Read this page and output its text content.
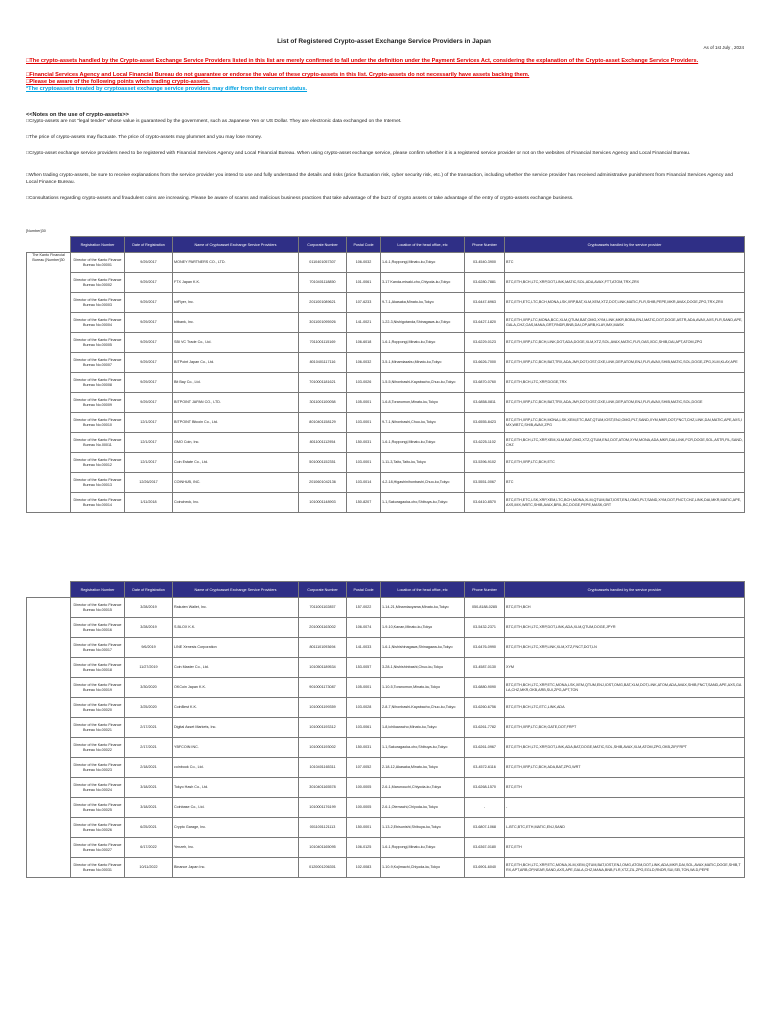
List of Registered Crypto-asset Exchange Service Providers in Japan
As of 1st July , 2024
□The crypto-assets handled by the Crypto-asset Exchange Service Providers listed in this list are merely confirmed to fall under the definition under the Payment Services Act, considering the explanation of the Crypto-asset Exchange Service Providers.
□Financial Services Agency and Local Financial Bureau do not guarantee or endorse the value of these crypto-assets in this list. Crypto-assets do not necessarily have assets backing them.
□Please be aware of the following points when trading crypto-assets.
*The cryptoassets treated by cryptoasset exchange service providers may differ from their current status.
<<Notes on the use of crypto-assets>>
□Crypto-assets are not "legal tender" whose value is guaranteed by the government, such as Japanese Yen or US Dollar. They are electronic data exchanged on the Internet.
□The price of crypto-assets may fluctuate. The price of crypto-assets may plummet and you may lose money.
□Crypto-asset exchange service providers need to be registered with Financial Services Agency and Local Financial Bureau. When using crypto-asset exchange service, please confirm whether it is a registered service provider or not on the websites of Financial Services Agency and Local Financial Bureau.
□When trading crypto-assets, be sure to receive explanations from the service provider you intend to use and fully understand the details and risks (price fluctuation risk, cyber security risk, etc.) of the transaction, including whether the service provider has received administrative punishment from Financial Services Agency and Local Finance Bureau.
□Consultations regarding crypto-assets and fraudulent coins are increasing. Please be aware of scams and malicious business practices that take advantage of the buzz of crypto assets or take advantage of the entry of crypto-assets exchange business.
[Number]30
	Registration Number	Date of Registration	Name of Cryptoasset Exchange Service Providers	Corporate Number	Postal Code	Location of the head office, etc	Phone Number	Cryptoassets handled by the service provider
The Kanto Financial Bureau [Number]30	Director of the Kanto Finance Bureau No.00001	9/29/2017	MONEY PARTNERS CO., LTD.	0110401057307	106-0032	1-6-1,Roppongi,Minato-ku,Tokyo	03-4540-3900	BTC
	Director of the Kanto Finance Bureau No.00002	9/29/2017	FTX Japan K.K.	7010401118850	101-0061	3-17 Kanda-misaki-cho,Chiyoda-ku,Tokyo	03-6280-7881	BTC,ETH,BCH,LTC,XRP,DOT,LINK,MATIC,SOL,ADA,AVAX,FTT,ATOM,TRX,ZRX
	Director of the Kanto Finance Bureau No.00003	9/29/2017	bitFlyer, Inc.	2011001089621	107-6233	9-7-1,Akasaka,Minato-ku,Tokyo	03-6447-6963	BTC,ETH,ETC,LTC,BCH,MONA,LSK,XRP,BAT,XLM,XEM,XTZ,DOT,LINK,MATIC,FLR,SHIB,PEPE,MKR,AVAX,DOGE,ZPG,TRX,ZRX
	Director of the Kanto Finance Bureau No.00004	9/29/2017	bitbank, Inc.	3011001095926	141-0021	1-22-3,Nishigotanda,Shinagawa-ku,Tokyo	03-6427-1820	BTC,ETH,XRP,LTC,MONA,BCC,XLM,QTUM,BAT,OMG,XYM,LINK,MKR,BOBA,ENJ,MATIC,DOT,DOGE,ASTR,ADA,AVAX,AXS,FLR,SAND,APE,GALA,CHZ,OAS,MANA,GRT,RNDR,BNB,DAI,OP,ARB,KLAY,IMX,MASK
	Director of the Kanto Finance Bureau No.00005	9/29/2017	SBI VC Trade Co., Ltd.	7011001115169	106-6018	1-6-1,Roppongi,Minato-ku,Tokyo	03-6229-0123	BTC,ETH,XRP,LTC,BCH,LINK,DOT,ADA,DOGE,XLM,XTZ,SOL,AVAX,MATIC,FLR,OAS,XDC,SHIB,DAI,APT,ATOM,ZPG
	Director of the Kanto Finance Bureau No.00007	9/29/2017	BITPoint Japan Co., Ltd.	8010401117116	106-0032	3-5-1,Minamiazabu,Minato-ku,Tokyo	03-6626-7000	BTC,ETH,XRP,LTC,BCH,BAT,TRX,ADA,JMY,DOT,IOST,GXE,LINK,DEP,ATOM,ENJ,FLR,AVAX,SHIB,MATIC,SOL,DOGE,ZPG,XLM,KLAY,APE
	Director of the Kanto Finance Bureau No.00008	9/29/2017	Bit Bay Co., Ltd.	7010001181621	103-0026	1-5-5,Nihonbashi-Kayabacho,Chuo-ku,Tokyo	03-6870-0760	BTC,ETH,BCH,LTC,XRP,DOGE,TRX
	Director of the Kanto Finance Bureau No.00009	9/29/2017	BITPOINT JAPAN CO., LTD.	3011001100058	105-0001	1-6-8,Toranomon,Minato-ku,Tokyo	03-6858-0811	BTC,ETH,XRP,LTC,BCH,BAT,TRX,ADA,JMY,DOT,IOST,GXE,LINK,DEP,ATOM,ENJ,FLR,AVAX,SHIB,MATIC,SOL,DOGE
	Director of the Kanto Finance Bureau No.00010	12/1/2017	BITPOINT Bitcoin Co., Ltd.	8010401158129	103-0001	9-7-1,Nihonbashi,Chuo-ku,Tokyo	03-6555-8423	BTC,ETH,XRP,LTC,BCH,MONA,LSK,XEM,ETC,BAT,QTUM,IOST,ENJ,OMG,PLT,SAND,XYM,MKR,DOT,FNCT,CHZ,LINK,DAI,MATIC,APE,AXS,IMX,WBTC,SHIB,AVAX,ZPG
	Director of the Kanto Finance Bureau No.00011	12/1/2017	GMO Coin, Inc.	8011001112954	150-0031	1-6-1,Roppongi,Minato-ku,Tokyo	03-6225-1102	BTC,ETH,BCH,LTC,XRP,XEM,XLM,BAT,OMG,XTZ,QTUM,ENJ,DOT,ATOM,XYM,MONA,ADA,MKR,DAI,LINK,FCR,DOGE,SOL,ASTR,FIL,SAND,CHZ
	Director of the Kanto Finance Bureau No.00012	12/1/2017	Coin Estate Co., Ltd.	5010001152351	103-0001	1-11-3,Taito,Taito-ku,Tokyo	03-5396-9102	BTC,ETH,XRP,LTC,BCH,ETC
	Director of the Kanto Finance Bureau No.00013	12/26/2017	COINHUB, INC.	2010601042136	103-0014	4-2-18,Higashinihonbashi,Chuo-ku,Tokyo	03-5551-0067	BTC
	Director of the Kanto Finance Bureau No.00014	1/11/2018	Coincheck, Inc.	1010001148903	150-8207	1-1,Sakuragaoka-cho,Shibuya-ku,Tokyo	03-6410-8570	BTC,ETH,ETC,LSK,XRP,XEM,LTC,BCH,MONA,XLM,QTUM,BAT,IOST,ENJ,OMG,PLT,SAND,XYM,DOT,FNCT,CHZ,LINK,DAI,MKR,MATIC,APE,AXS,IMX,WBTC,SHIB,AVAX,BRIL,BC,DOGE,PEPE,MASK,GRT
	Registration Number	Date of Registration	Name of Cryptoasset Exchange Service Providers	Corporate Number	Postal Code	Location of the head office, etc	Phone Number	Cryptoassets handled by the service provider
	Director of the Kanto Finance Bureau No.00015	3/28/2019	Rakuten Wallet, Inc.	7011001102857	157-0022	1-14-21,Minamiaoyama,Minato-ku,Tokyo	050-8188-0285	BTC,ETH,BCH
	Director of the Kanto Finance Bureau No.00016	3/28/2019	S.BLOX K.K.	2010001163002	106-0074	1-9-10,Kanan,Minato-ku,Tokyo	03-5432-2371	BTC,ETH,BCH,LTC,XRP,DOT,LINK,ADA,XLM,QTUM,DOGE,JPYR
	Director of the Kanto Finance Bureau No.00017	9/6/2019	LINE Xenesis Corporation	8011101093694	141-0033	1-6-1,Nishishinagawa,Shinagawa-ku,Tokyo	03-6476-0990	BTC,ETH,BCH,LTC,XRP,LINK,XLM,XTZ,FNCT,DOT,LN
	Director of the Kanto Finance Bureau No.00018	11/27/2019	Coin Master Co., Ltd.	1010501189534	153-0057	3-28-1,Nishishinbashi,Chuo-ku,Tokyo	03-4587-0130	XYM
	Director of the Kanto Finance Bureau No.00019	3/30/2020	OKCoin Japan K.K.	9010001173087	105-0001	1-10-5,Toranomon,Minato-ku,Tokyo	03-6880-9090	BTC,ETH,BCH,LTC,XRP,ETC,MONA,LSK,XEM,QTUM,ENJ,IOST,OMG,BAT,XLM,DOT,LINK,ATOM,ADA,AVAX,SHIB,FNCT,SAND,APE,AXS,GALA,CHZ,MKR,OKB,ARB,SUI,ZPG,APT,TON
	Director of the Kanto Finance Bureau No.00020	3/25/2020	CoinBest K.K.	1010001199359	103-0028	2-8-7,Nihonbashi-Kayabacho,Chuo-ku,Tokyo	03-6260-6756	BTC,ETH,BCH,LTC,ETC,LINK,ADA
	Director of the Kanto Finance Bureau No.00021	2/17/2021	Digital Asset Markets, Inc.	1010001193312	103-0061	1-8,Ichikawacho,Minato-ku,Tokyo	03-6261-7782	BTC,ETH,XRP,LTC,BCH,GATE,DOT,FRPT
	Director of the Kanto Finance Bureau No.00022	2/17/2021	YBFCOIN INC.	1010001193002	150-0031	1-1,Sakuragaoka-cho,Shibuya-ku,Tokyo	03-6261-0967	BTC,ETH,BCH,LTC,XRP,DOT,LINK,ADA,BAT,DOGE,MATIC,SOL,SHIB,AVAX,XLM,ATOM,ZPG,OKB,ZIP,FRPT
	Director of the Kanto Finance Bureau No.00023	2/18/2021	coinbook Co., Ltd.	1010401165311	107-0052	2-18-12,Akasaka,Minato-ku,Tokyo	03-4572-6116	BTC,ETH,XRP,LTC,BCH,ADA,BAT,ZPG,WRT
	Director of the Kanto Finance Bureau No.00024	3/18/2021	Tokyo Hash Co., Ltd.	3010401165578	100-0005	2-6-1,Marunouchi,Chiyoda-ku,Tokyo	03-6268-1570	BTC,ETH
	Director of the Kanto Finance Bureau No.00025	3/18/2021	Coinbase Co., Ltd.	1010001176199	100-0005	2-6-1,Otemachi,Chiyoda-ku,Tokyo	-	-
	Director of the Kanto Finance Bureau No.00026	6/25/2021	Crypto Garage, Inc.	0011001121113	150-0001	1-13-2,Ebisunishi,Shibuya-ku,Tokyo	03-6807-1068	L-BTC,BTC,ETH,MATIC,ENJ,SAND
	Director of the Kanto Finance Bureau No.00027	6/17/2022	Yenzeh, Inc.	1010401165095	106-0125	1-6-1,Roppongi,Minato-ku,Tokyo	03-6367-0180	BTC,ETH
	Director of the Kanto Finance Bureau No.00031	10/11/2022	Binance Japan Inc.	0120001206301	102-0083	1-10-9,Kojimachi,Chiyoda-ku,Tokyo	03-6901-6040	BTC,ETH,BCH,LTC,XRP,ETC,MONA,XLM,XEM,QTUM,BAT,IOST,ENJ,OMG,ATOM,DOT,LINK,ADA,MKR,DAI,SOL,AVAX,MATIC,DOGE,SHIB,TRX,APT,ARB,OP,NEAR,SAND,AXS,APE,GALA,CHZ,MANA,BNB,FLR,XTZ,ZIL,ZPG,EGLD,RNDR,SUI,SEI,TON,WLD,PEPE
